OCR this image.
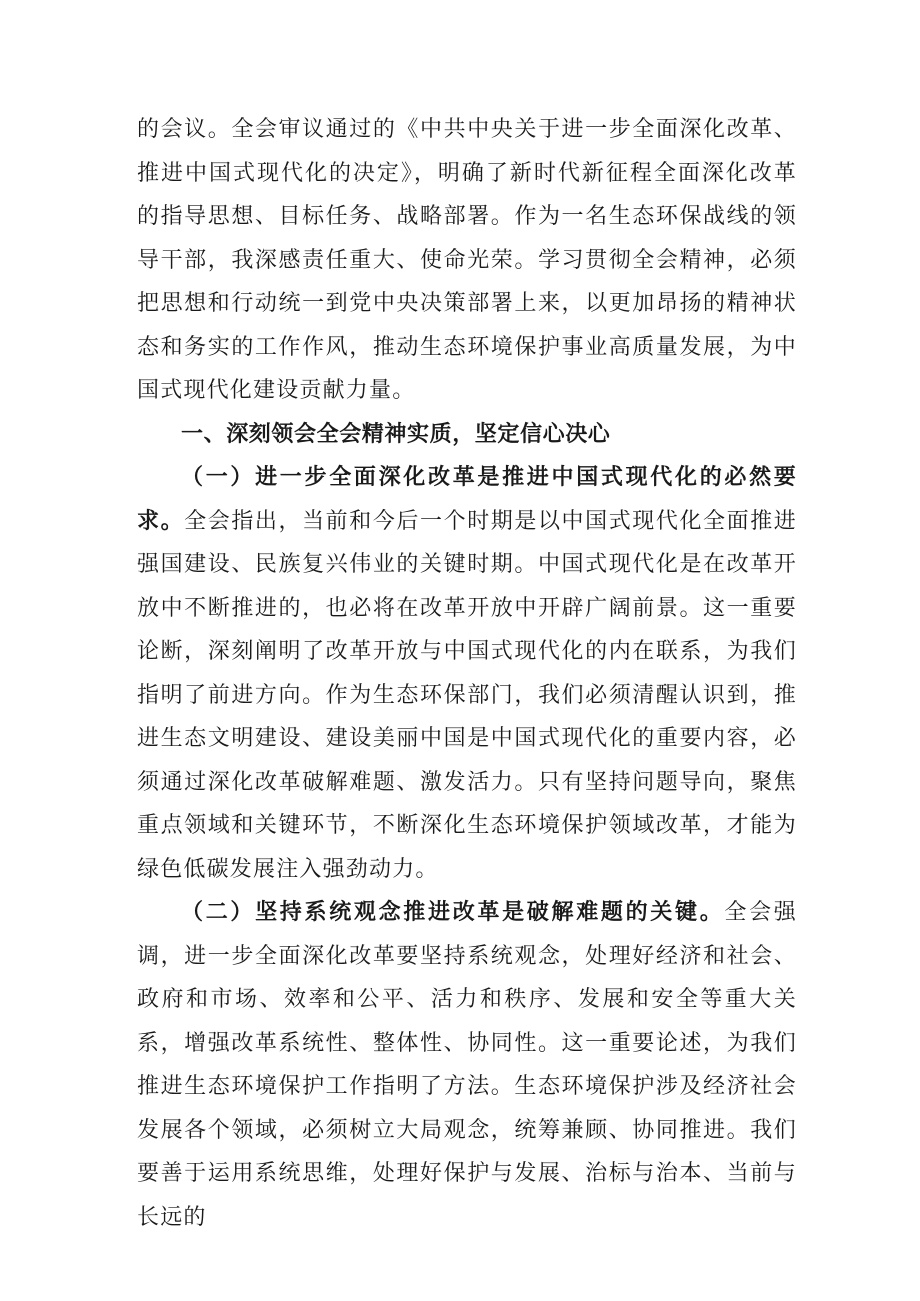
的会议。全会审议通过的《中共中央关于进一步全面深化改革、推进中国式现代化的决定》，明确了新时代新征程全面深化改革的指导思想、目标任务、战略部署。作为一名生态环保战线的领导干部，我深感责任重大、使命光荣。学习贯彻全会精神，必须把思想和行动统一到党中央决策部署上来，以更加昂扬的精神状态和务实的工作作风，推动生态环境保护事业高质量发展，为中国式现代化建设贡献力量。

一、深刻领会全会精神实质，坚定信心决心

（一）进一步全面深化改革是推进中国式现代化的必然要求。全会指出，当前和今后一个时期是以中国式现代化全面推进强国建设、民族复兴伟业的关键时期。中国式现代化是在改革开放中不断推进的，也必将在改革开放中开辟广阔前景。这一重要论断，深刻阐明了改革开放与中国式现代化的内在联系，为我们指明了前进方向。作为生态环保部门，我们必须清醒认识到，推进生态文明建设、建设美丽中国是中国式现代化的重要内容，必须通过深化改革破解难题、激发活力。只有坚持问题导向，聚焦重点领域和关键环节，不断深化生态环境保护领域改革，才能为绿色低碳发展注入强劲动力。

（二）坚持系统观念推进改革是破解难题的关键。全会强调，进一步全面深化改革要坚持系统观念，处理好经济和社会、政府和市场、效率和公平、活力和秩序、发展和安全等重大关系，增强改革系统性、整体性、协同性。这一重要论述，为我们推进生态环境保护工作指明了方法。生态环境保护涉及经济社会发展各个领域，必须树立大局观念，统筹兼顾、协同推进。我们要善于运用系统思维，处理好保护与发展、治标与治本、当前与长远的
